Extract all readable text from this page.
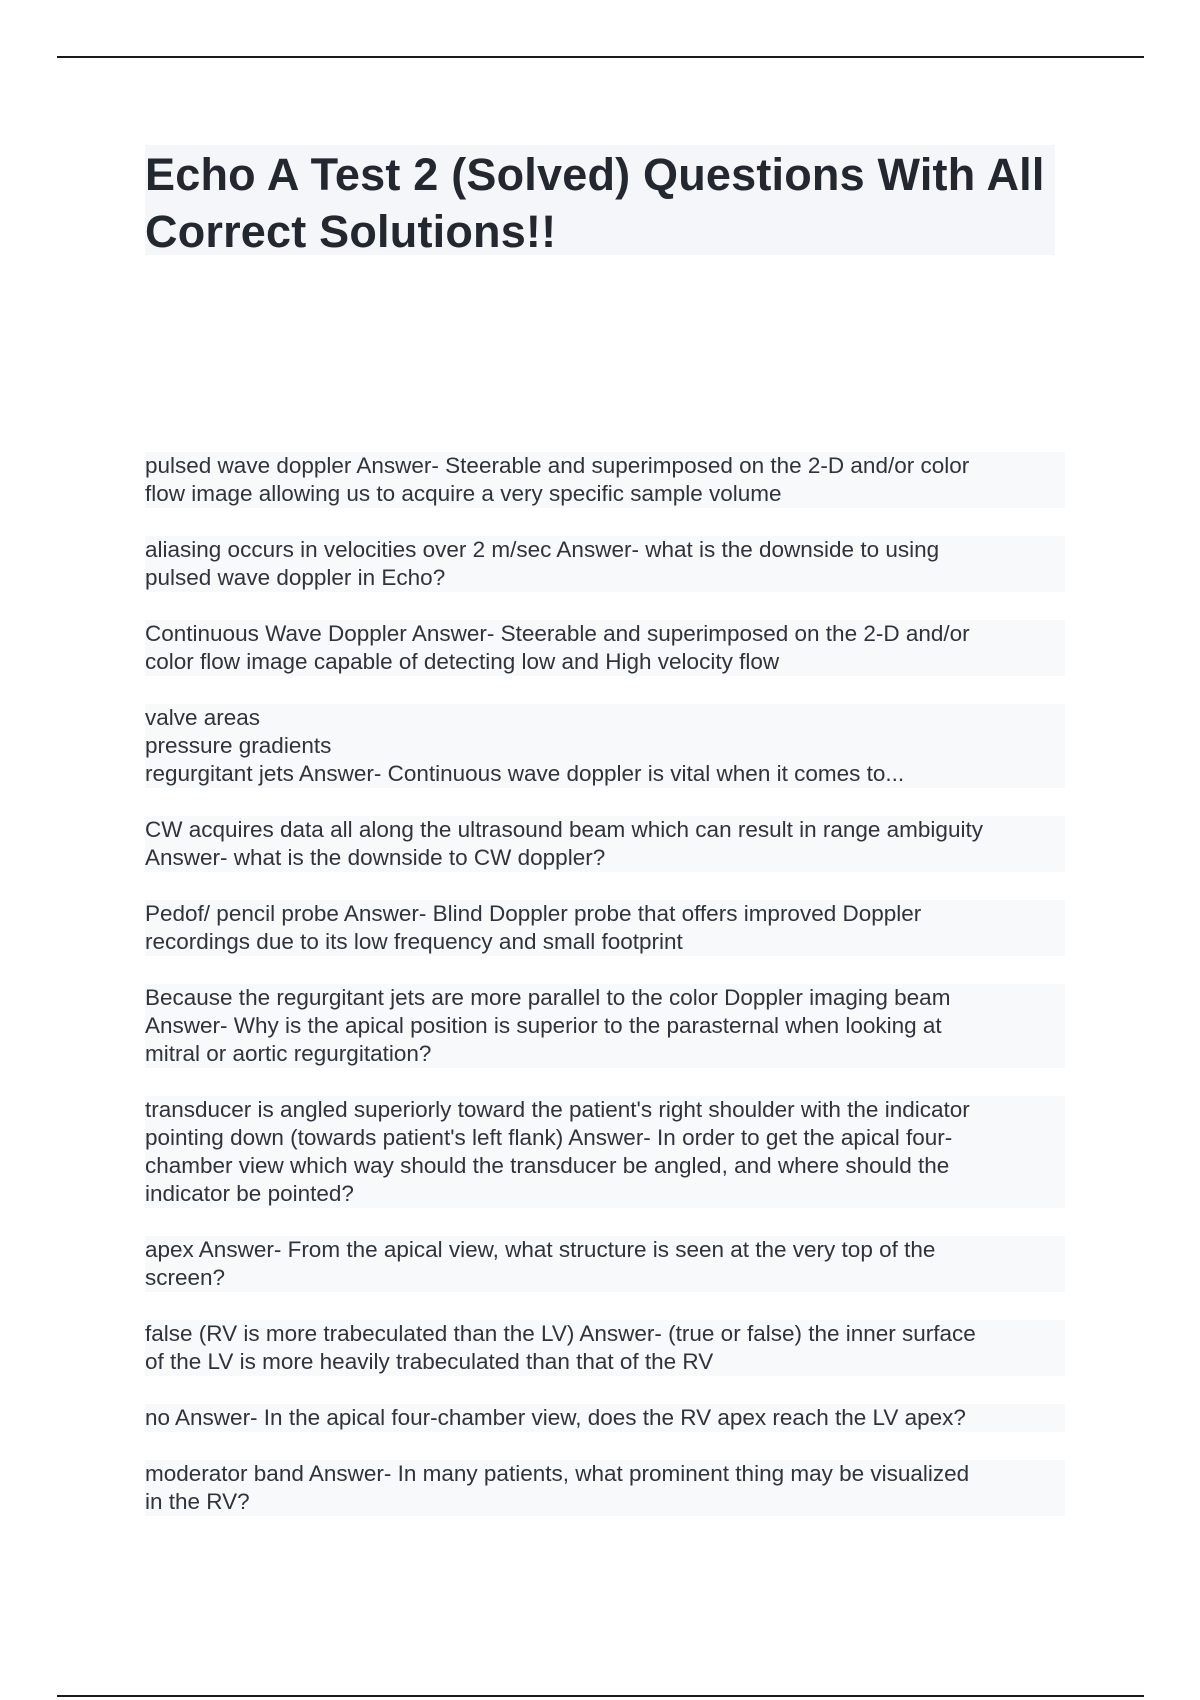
Echo A Test 2 (Solved) Questions With All Correct Solutions!!
pulsed wave doppler Answer- Steerable and superimposed on the 2-D and/or color
flow image allowing us to acquire a very specific sample volume
aliasing occurs in velocities over 2 m/sec Answer- what is the downside to using
pulsed wave doppler in Echo?
Continuous Wave Doppler Answer- Steerable and superimposed on the 2-D and/or
color flow image capable of detecting low and High velocity flow
valve areas
pressure gradients
regurgitant jets Answer- Continuous wave doppler is vital when it comes to...
CW acquires data all along the ultrasound beam which can result in range ambiguity
Answer- what is the downside to CW doppler?
Pedof/ pencil probe Answer- Blind Doppler probe that offers improved Doppler
recordings due to its low frequency and small footprint
Because the regurgitant jets are more parallel to the color Doppler imaging beam
Answer- Why is the apical position is superior to the parasternal when looking at
mitral or aortic regurgitation?
transducer is angled superiorly toward the patient's right shoulder with the indicator
pointing down (towards patient's left flank) Answer- In order to get the apical four-
chamber view which way should the transducer be angled, and where should the
indicator be pointed?
apex Answer- From the apical view, what structure is seen at the very top of the
screen?
false (RV is more trabeculated than the LV) Answer- (true or false) the inner surface
of the LV is more heavily trabeculated than that of the RV
no Answer- In the apical four-chamber view, does the RV apex reach the LV apex?
moderator band Answer- In many patients, what prominent thing may be visualized
in the RV?
